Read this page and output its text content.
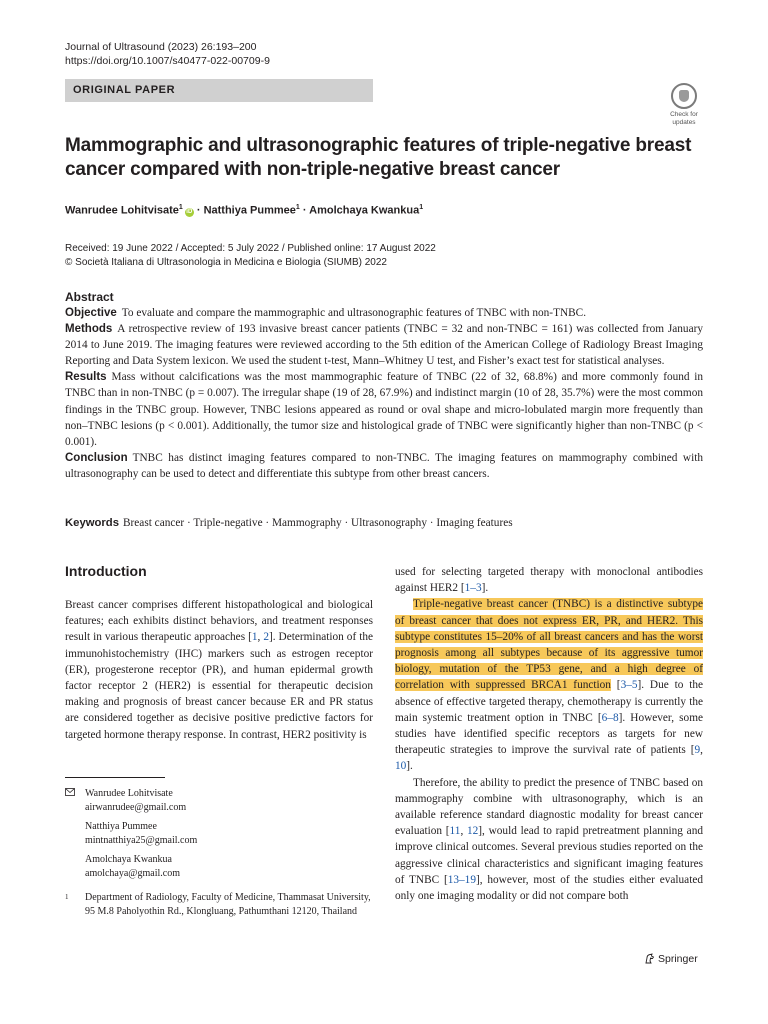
Journal of Ultrasound (2023) 26:193–200
https://doi.org/10.1007/s40477-022-00709-9
ORIGINAL PAPER
Check for
updates
Mammographic and ultrasonographic features of triple-negative breast cancer compared with non-triple-negative breast cancer
Wanrudee Lohitvisate$^1$iD · Natthiya Pummee$^1$ · Amolchaya Kwankua$^1$
Received: 19 June 2022 / Accepted: 5 July 2022 / Published online: 17 August 2022
© Società Italiana di Ultrasonologia in Medicina e Biologia (SIUMB) 2022
Abstract

Objective To evaluate and compare the mammographic and ultrasonographic features of TNBC with non-TNBC.

Methods A retrospective review of 193 invasive breast cancer patients (TNBC = 32 and non-TNBC = 161) was collected from January 2014 to June 2019. The imaging features were reviewed according to the 5th edition of the American College of Radiology Breast Imaging Reporting and Data System lexicon. We used the student t-test, Mann–Whitney U test, and Fisher’s exact test for statistical analyses.

Results Mass without calcifications was the most mammographic feature of TNBC (22 of 32, 68.8%) and more commonly found in TNBC than in non-TNBC (p = 0.007). The irregular shape (19 of 28, 67.9%) and indistinct margin (10 of 28, 35.7%) were the most common findings in the TNBC group. However, TNBC lesions appeared as round or oval shape and micro-lobulated margin more frequently than non–TNBC lesions (p < 0.001). Additionally, the tumor size and histological grade of TNBC were significantly higher than non-TNBC (p < 0.001).

Conclusion TNBC has distinct imaging features compared to non-TNBC. The imaging features on mammography combined with ultrasonography can be used to detect and differentiate this subtype from other breast cancers.

Keywords Breast cancer · Triple-negative · Mammography · Ultrasonography · Imaging features
Introduction

Breast cancer comprises different histopathological and biological features; each exhibits distinct behaviors, and treatment responses result in various therapeutic approaches [1, 2]. Determination of the immunohistochemistry (IHC) markers such as estrogen receptor (ER), progesterone receptor (PR), and human epidermal growth factor receptor 2 (HER2) is essential for therapeutic decision making and prognosis of breast cancer because ER and PR status are considered together as decisive positive predictive factors for targeted hormone therapy response. In contrast, HER2 positivity is

used for selecting targeted therapy with monoclonal antibodies against HER2 [1–3].

Triple-negative breast cancer (TNBC) is a distinctive subtype of breast cancer that does not express ER, PR, and HER2. This subtype constitutes 15–20% of all breast cancers and has the worst prognosis among all subtypes because of its aggressive tumor biology, mutation of the TP53 gene, and a high degree of correlation with suppressed BRCA1 function [3–5]. Due to the absence of effective targeted therapy, chemotherapy is currently the main systemic treatment option in TNBC [6–8]. However, some studies have identified specific receptors as targets for new therapeutic strategies to improve the survival rate of patients [9, 10].

Therefore, the ability to predict the presence of TNBC based on mammography combine with ultrasonography, which is an available reference standard diagnostic modality for breast cancer evaluation [11, 12], would lead to rapid pretreatment planning and improve clinical outcomes. Several previous studies reported on the aggressive clinical characteristics and significant imaging features of TNBC [13–19], however, most of the studies either evaluated only one imaging modality or did not compare both

Wanrudee Lohitvisate
airwanrudee@gmail.com
Natthiya Pummee
mintnatthiya25@gmail.com
Amolchaya Kwankua
amolchaya@gmail.com
1	Department of Radiology, Faculty of Medicine, Thammasat University, 95 M.8 Paholyothin Rd., Klongluang, Pathumthani 12120, Thailand
Springer
